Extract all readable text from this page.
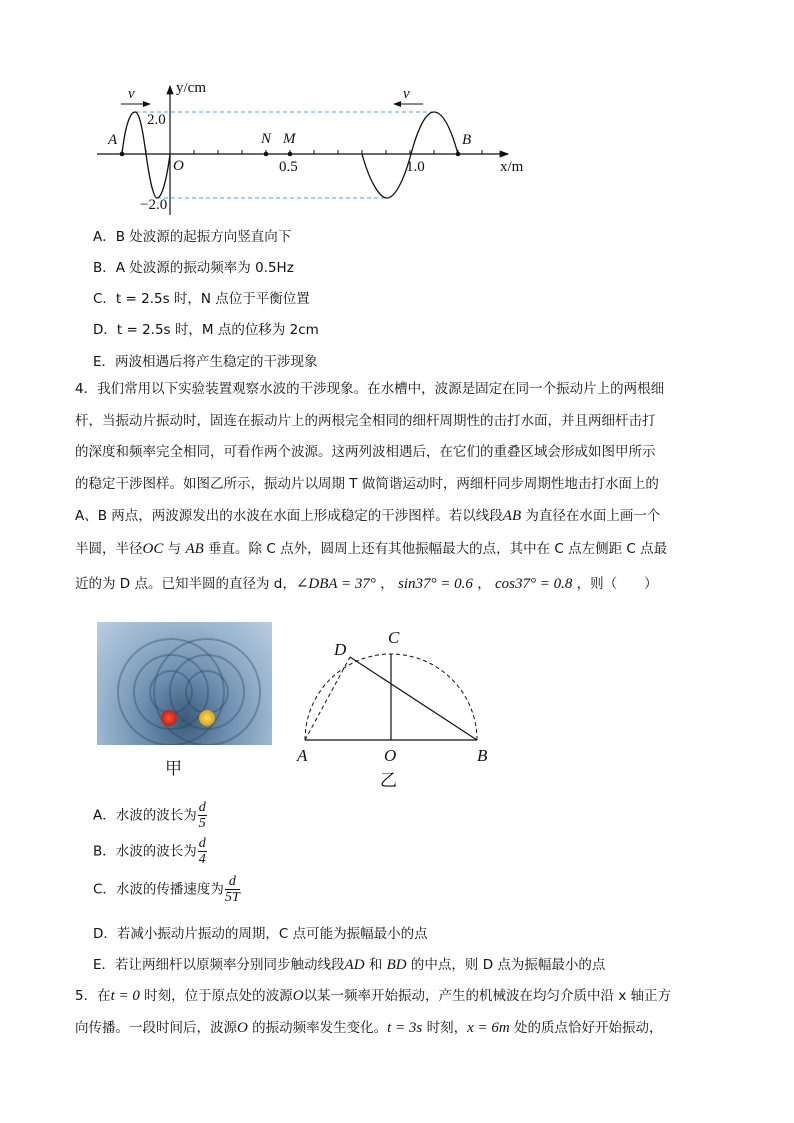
v	v
y/cm
2.0
−2.0
A
O
N M
0.5	1.0
B
x/m
A．B 处波源的起振方向竖直向下
B．A 处波源的振动频率为 0.5Hz
C．t = 2.5s 时，N 点位于平衡位置
D．t = 2.5s 时，M 点的位移为 2cm
E．两波相遇后将产生稳定的干涉现象
4．我们常用以下实验装置观察水波的干涉现象。在水槽中，波源是固定在同一个振动片上的两根细
杆，当振动片振动时，固连在振动片上的两根完全相同的细杆周期性的击打水面，并且两细杆击打
的深度和频率完全相同，可看作两个波源。这两列波相遇后，在它们的重叠区域会形成如图甲所示
的稳定干涉图样。如图乙所示，振动片以周期 T 做简谐运动时，两细杆同步周期性地击打水面上的
A、B 两点，两波源发出的水波在水面上形成稳定的干涉图样。若以线段AB 为直径在水面上画一个
半圆，半径OC 与 AB 垂直。除 C 点外，圆周上还有其他振幅最大的点，其中在 C 点左侧距 C 点最
近的为 D 点。已知半圆的直径为 d，∠DBA = 37° ， sin37° = 0.6 ， cos37° = 0.8 ，则（　　）
甲
D
C
A	O	B
乙
A．水波的波长为 $\frac{d}{5}$
B．水波的波长为 $\frac{d}{4}$
C．水波的传播速度为 $\frac{d}{5T}$
D．若减小振动片振动的周期，C 点可能为振幅最小的点
E．若让两细杆以原频率分别同步触动线段AD 和 BD 的中点，则 D 点为振幅最小的点
5．在t = 0 时刻，位于原点处的波源O以某一频率开始振动，产生的机械波在均匀介质中沿 x 轴正方
向传播。一段时间后，波源O 的振动频率发生变化。t = 3s 时刻，x = 6m 处的质点恰好开始振动，
